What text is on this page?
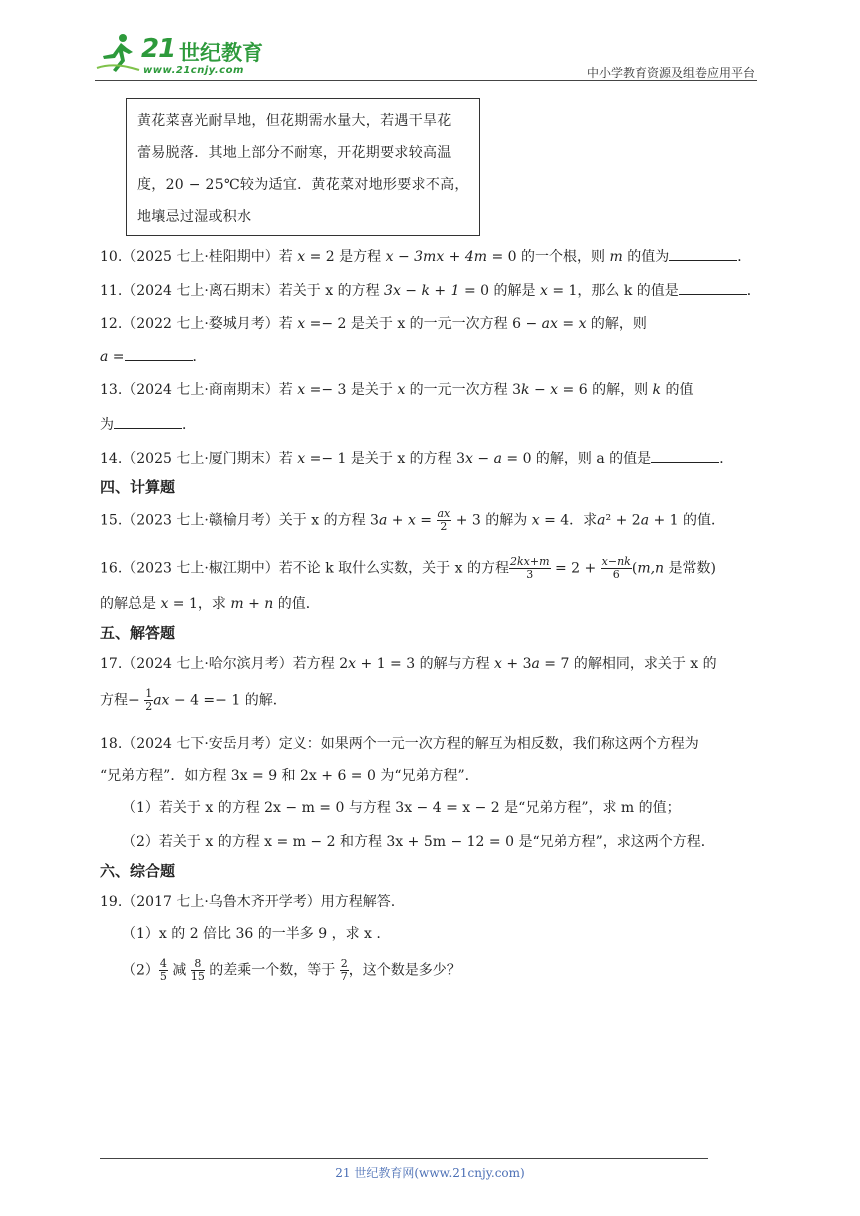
21 世纪教育
www.21cnjy.com	中小学教育资源及组卷应用平台

黄花菜喜光耐旱地，但花期需水量大，若遇干旱花

蕾易脱落．其地上部分不耐寒，开花期要求较高温

度，20 − 25℃较为适宜．黄花菜对地形要求不高，

地壤忌过湿或积水

10.（2025 七上·桂阳期中）若 x = 2 是方程 x − 3mx + 4m = 0 的一个根，则 m 的值为	．
11.（2024 七上·离石期末）若关于 x 的方程 3x − k + 1 = 0 的解是 x = 1，那么 k 的值是	．
12.（2022 七上·婺城月考）若 x =− 2 是关于 x 的一元一次方程 6 − ax = x 的解，则
a =	．
13.（2024 七上·商南期末）若 x =− 3 是关于 x 的一元一次方程 3k − x = 6 的解，则 k 的值
为	．
14.（2025 七上·厦门期末）若 x =− 1 是关于 x 的方程 3x − a = 0 的解，则 a 的值是	．
四、计算题
15.（2023 七上·赣榆月考）关于 x 的方程 $3a + x = \frac{ax}{2} + 3$ 的解为 x = 4．求a² + 2a + 1 的值．
16.（2023 七上·椒江期中）若不论 k 取什么实数，关于 x 的方程 $\frac{2kx+m}{3} = 2 + \frac{x-nk}{6} (m,n$ 是常数)
的解总是 x = 1，求 m + n 的值．
五、解答题
17.（2024 七上·哈尔滨月考）若方程 2x + 1 = 3 的解与方程 x + 3a = 7 的解相同，求关于 x 的
方程− $\frac{1}{2}$ ax − 4 =− 1 的解．
18.（2024 七下·安岳月考）定义：如果两个一元一次方程的解互为相反数，我们称这两个方程为
“兄弟方程”．如方程 3x = 9 和 2x + 6 = 0 为“兄弟方程”．
（1）若关于 x 的方程 2x − m = 0 与方程 3x − 4 = x − 2 是“兄弟方程”，求 m 的值；
（2）若关于 x 的方程 x = m − 2 和方程 3x + 5m − 12 = 0 是“兄弟方程”，求这两个方程．
六、综合题
19.（2017 七上·乌鲁木齐开学考）用方程解答.
（1）x 的 2 倍比 36 的一半多 9 ，求 x .
$(2) \frac{4}{5}$ 减 $\frac{8}{15}$ 的差乘一个数，等于 $\frac{2}{7}$ ，这个数是多少？
21 世纪教育网(www.21cnjy.com)
